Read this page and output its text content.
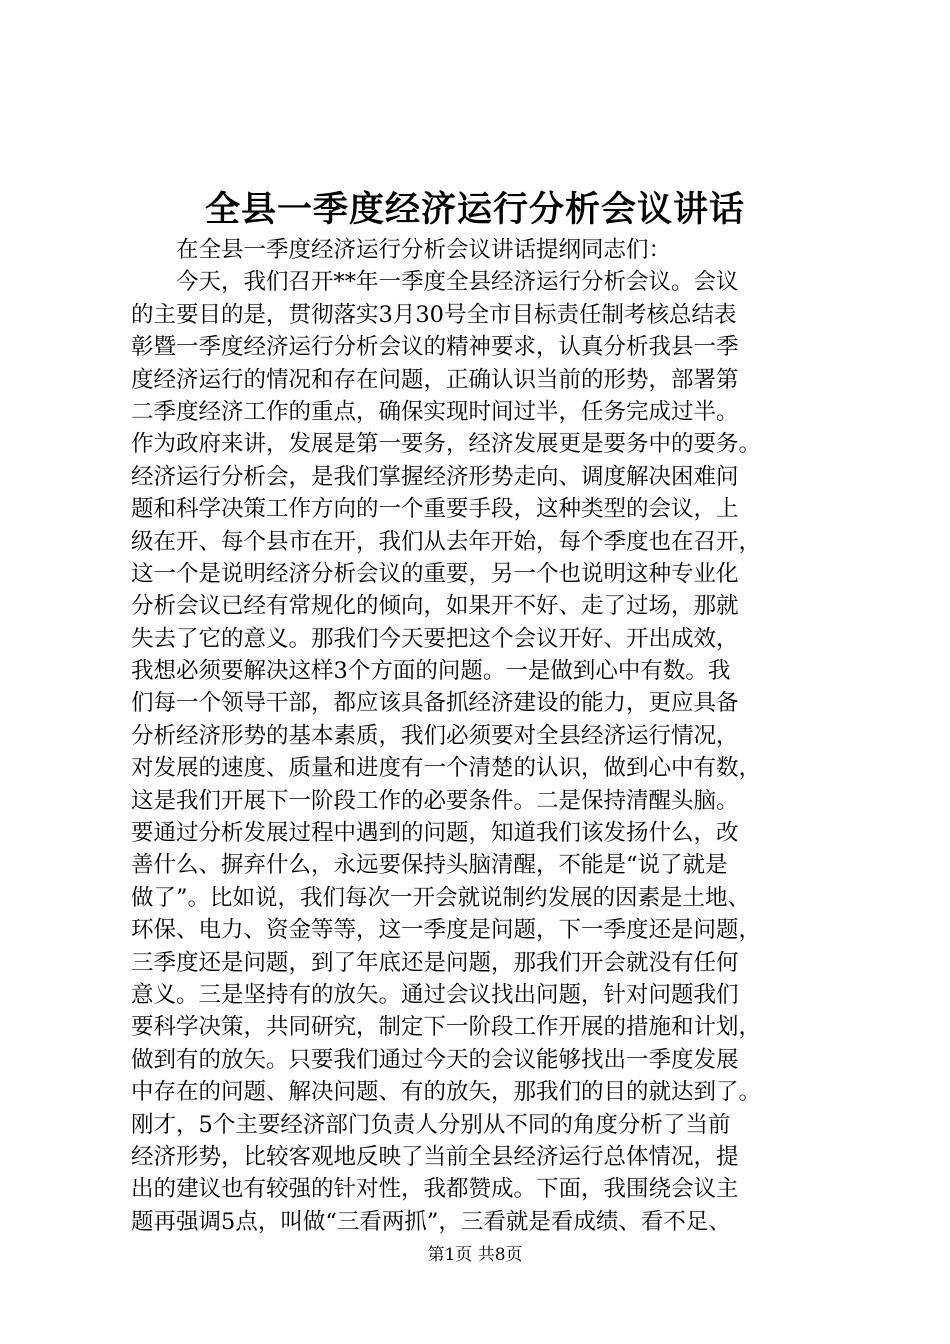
全县一季度经济运行分析会议讲话
在全县一季度经济运行分析会议讲话提纲同志们：
今天，我们召开**年一季度全县经济运行分析会议。会议
的主要目的是，贯彻落实3月30号全市目标责任制考核总结表
彰暨一季度经济运行分析会议的精神要求，认真分析我县一季
度经济运行的情况和存在问题，正确认识当前的形势，部署第
二季度经济工作的重点，确保实现时间过半，任务完成过半。
作为政府来讲，发展是第一要务，经济发展更是要务中的要务。
经济运行分析会，是我们掌握经济形势走向、调度解决困难问
题和科学决策工作方向的一个重要手段，这种类型的会议，上
级在开、每个县市在开，我们从去年开始，每个季度也在召开，
这一个是说明经济分析会议的重要，另一个也说明这种专业化
分析会议已经有常规化的倾向，如果开不好、走了过场，那就
失去了它的意义。那我们今天要把这个会议开好、开出成效，
我想必须要解决这样3个方面的问题。一是做到心中有数。我
们每一个领导干部，都应该具备抓经济建设的能力，更应具备
分析经济形势的基本素质，我们必须要对全县经济运行情况，
对发展的速度、质量和进度有一个清楚的认识，做到心中有数，
这是我们开展下一阶段工作的必要条件。二是保持清醒头脑。
要通过分析发展过程中遇到的问题，知道我们该发扬什么，改
善什么、摒弃什么，永远要保持头脑清醒，不能是“说了就是
做了”。比如说，我们每次一开会就说制约发展的因素是土地、
环保、电力、资金等等，这一季度是问题，下一季度还是问题，
三季度还是问题，到了年底还是问题，那我们开会就没有任何
意义。三是坚持有的放矢。通过会议找出问题，针对问题我们
要科学决策，共同研究，制定下一阶段工作开展的措施和计划，
做到有的放矢。只要我们通过今天的会议能够找出一季度发展
中存在的问题、解决问题、有的放矢，那我们的目的就达到了。
刚才，5个主要经济部门负责人分别从不同的角度分析了当前
经济形势，比较客观地反映了当前全县经济运行总体情况，提
出的建议也有较强的针对性，我都赞成。下面，我围绕会议主
题再强调5点，叫做“三看两抓”，三看就是看成绩、看不足、
第1页 共8页
